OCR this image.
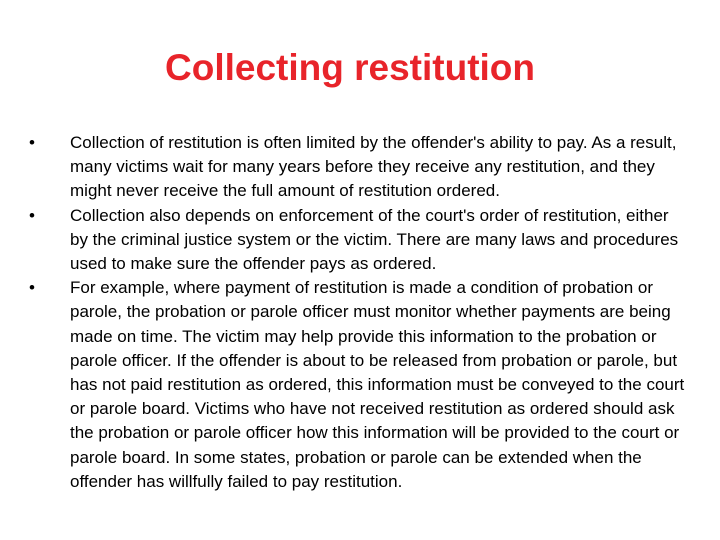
Collecting restitution
• Collection of restitution is often limited by the offender's ability to pay. As a result, many victims wait for many years before they receive any restitution, and they might never receive the full amount of restitution ordered.
• Collection also depends on enforcement of the court's order of restitution, either by the criminal justice system or the victim. There are many laws and procedures used to make sure the offender pays as ordered.
• For example, where payment of restitution is made a condition of probation or parole, the probation or parole officer must monitor whether payments are being made on time. The victim may help provide this information to the probation or parole officer. If the offender is about to be released from probation or parole, but has not paid restitution as ordered, this information must be conveyed to the court or parole board. Victims who have not received restitution as ordered should ask the probation or parole officer how this information will be provided to the court or parole board. In some states, probation or parole can be extended when the offender has willfully failed to pay restitution.
